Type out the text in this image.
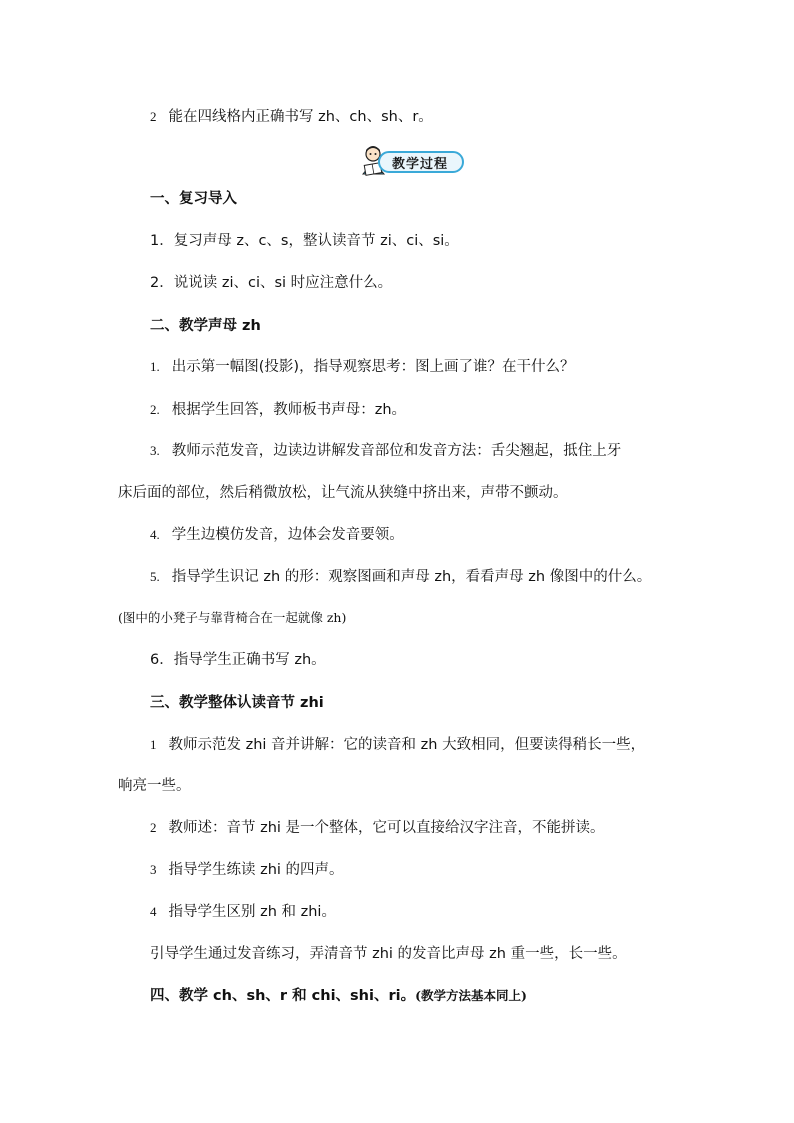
2 能在四线格内正确书写 zh、ch、sh、r。
教学过程
一、复习导入
1．复习声母 z、c、s，整认读音节 zi、ci、si。
2．说说读 zi、ci、si 时应注意什么。
二、教学声母 zh
1. 出示第一幅图(投影)，指导观察思考：图上画了谁？在干什么？
2. 根据学生回答，教师板书声母：zh。
3. 教师示范发音，边读边讲解发音部位和发音方法：舌尖翘起，抵住上牙
床后面的部位，然后稍微放松，让气流从狭缝中挤出来，声带不颤动。
4. 学生边模仿发音，边体会发音要领。
5. 指导学生识记 zh 的形：观察图画和声母 zh，看看声母 zh 像图中的什么。
(图中的小凳子与靠背椅合在一起就像 zh)
6．指导学生正确书写 zh。
三、教学整体认读音节 zhi
1 教师示范发 zhi 音并讲解：它的读音和 zh 大致相同，但要读得稍长一些，
响亮一些。
2 教师述：音节 zhi 是一个整体，它可以直接给汉字注音，不能拼读。
3 指导学生练读 zhi 的四声。
4 指导学生区别 zh 和 zhi。
引导学生通过发音练习，弄清音节 zhi 的发音比声母 zh 重一些，长一些。
四、教学 ch、sh、r 和 chi、shi、ri。(教学方法基本同上)
